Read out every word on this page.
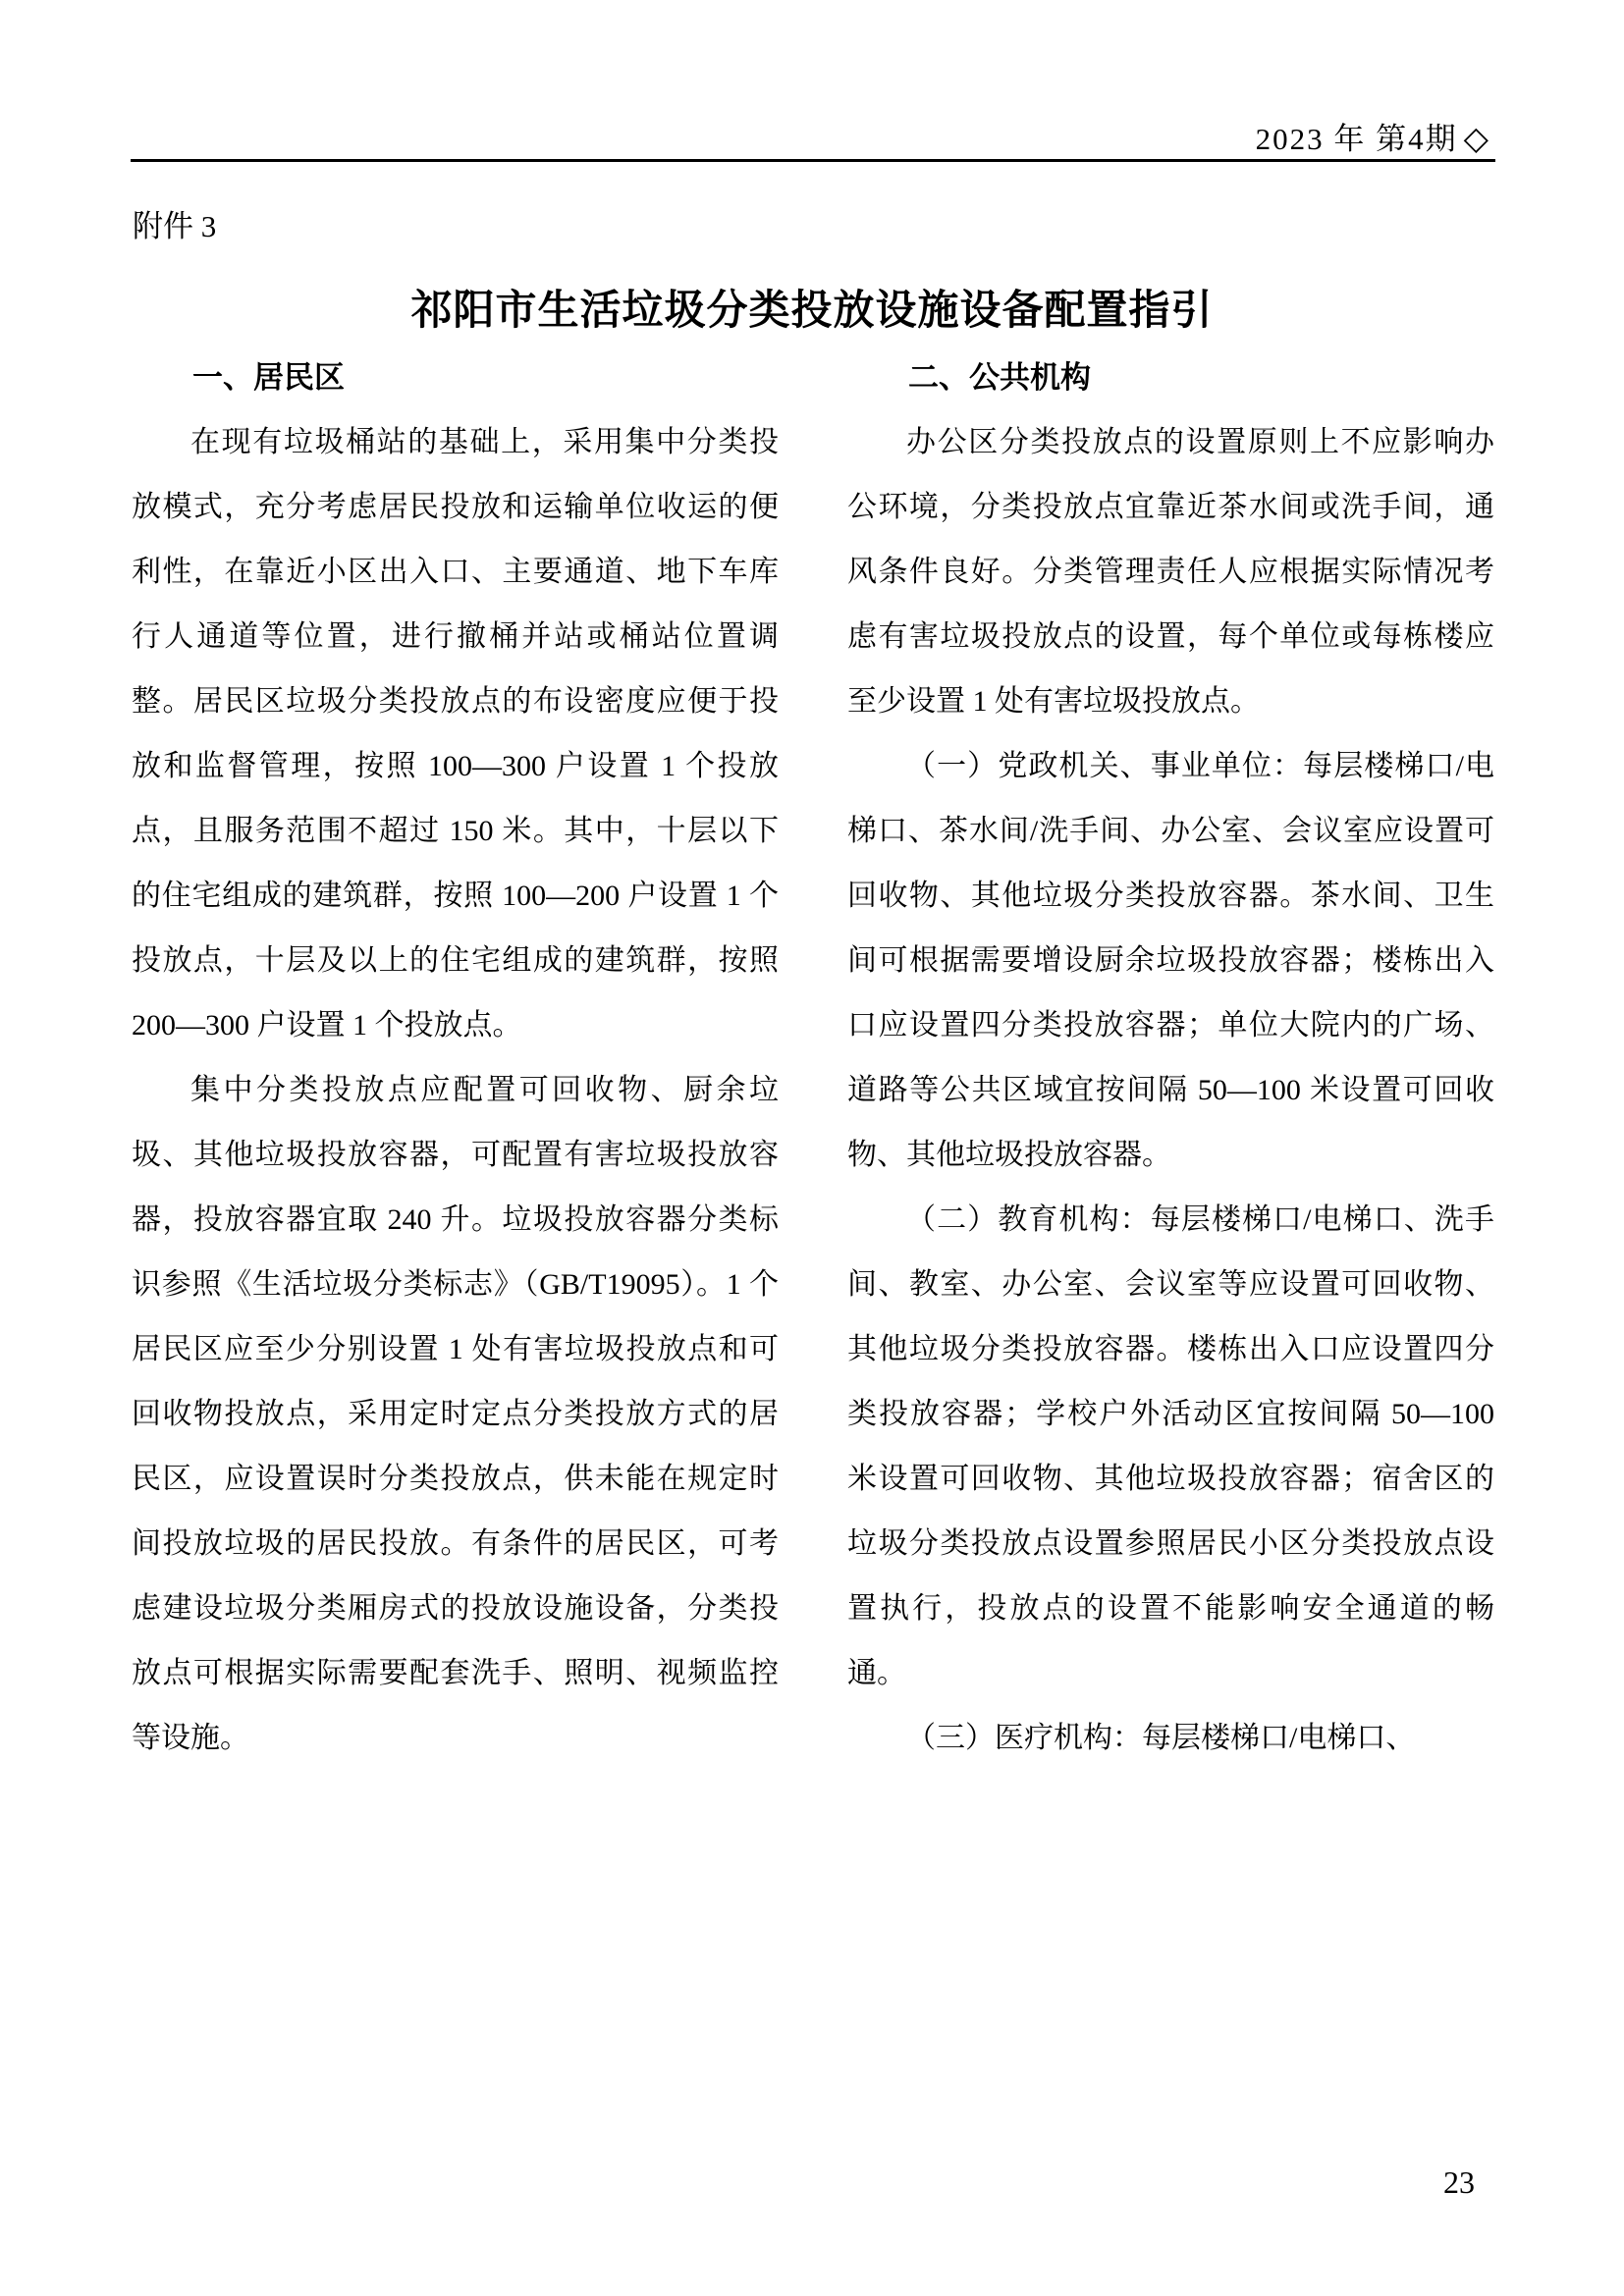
2023 年 第4期 ◇
附件 3
祁阳市生活垃圾分类投放设施设备配置指引
一、居民区

在现有垃圾桶站的基础上，采用集中分类投放模式，充分考虑居民投放和运输单位收运的便利性，在靠近小区出入口、主要通道、地下车库行人通道等位置，进行撤桶并站或桶站位置调整。居民区垃圾分类投放点的布设密度应便于投放和监督管理，按照 100—300 户设置 1 个投放点，且服务范围不超过 150 米。其中，十层以下的住宅组成的建筑群，按照 100—200 户设置 1 个投放点，十层及以上的住宅组成的建筑群，按照 200—300 户设置 1 个投放点。

集中分类投放点应配置可回收物、厨余垃圾、其他垃圾投放容器，可配置有害垃圾投放容器，投放容器宜取 240 升。垃圾投放容器分类标识参照《生活垃圾分类标志》（GB/T19095）。1 个居民区应至少分别设置 1 处有害垃圾投放点和可回收物投放点，采用定时定点分类投放方式的居民区，应设置误时分类投放点，供未能在规定时间投放垃圾的居民投放。有条件的居民区，可考虑建设垃圾分类厢房式的投放设施设备，分类投放点可根据实际需要配套洗手、照明、视频监控等设施。

二、公共机构

办公区分类投放点的设置原则上不应影响办公环境，分类投放点宜靠近茶水间或洗手间，通风条件良好。分类管理责任人应根据实际情况考虑有害垃圾投放点的设置，每个单位或每栋楼应至少设置 1 处有害垃圾投放点。

（一）党政机关、事业单位：每层楼梯口/电梯口、茶水间/洗手间、办公室、会议室应设置可回收物、其他垃圾分类投放容器。茶水间、卫生间可根据需要增设厨余垃圾投放容器；楼栋出入口应设置四分类投放容器；单位大院内的广场、道路等公共区域宜按间隔 50—100 米设置可回收物、其他垃圾投放容器。

（二）教育机构：每层楼梯口/电梯口、洗手间、教室、办公室、会议室等应设置可回收物、其他垃圾分类投放容器。楼栋出入口应设置四分类投放容器；学校户外活动区宜按间隔 50—100 米设置可回收物、其他垃圾投放容器；宿舍区的垃圾分类投放点设置参照居民小区分类投放点设置执行，投放点的设置不能影响安全通道的畅通。

（三）医疗机构：每层楼梯口/电梯口、

23
